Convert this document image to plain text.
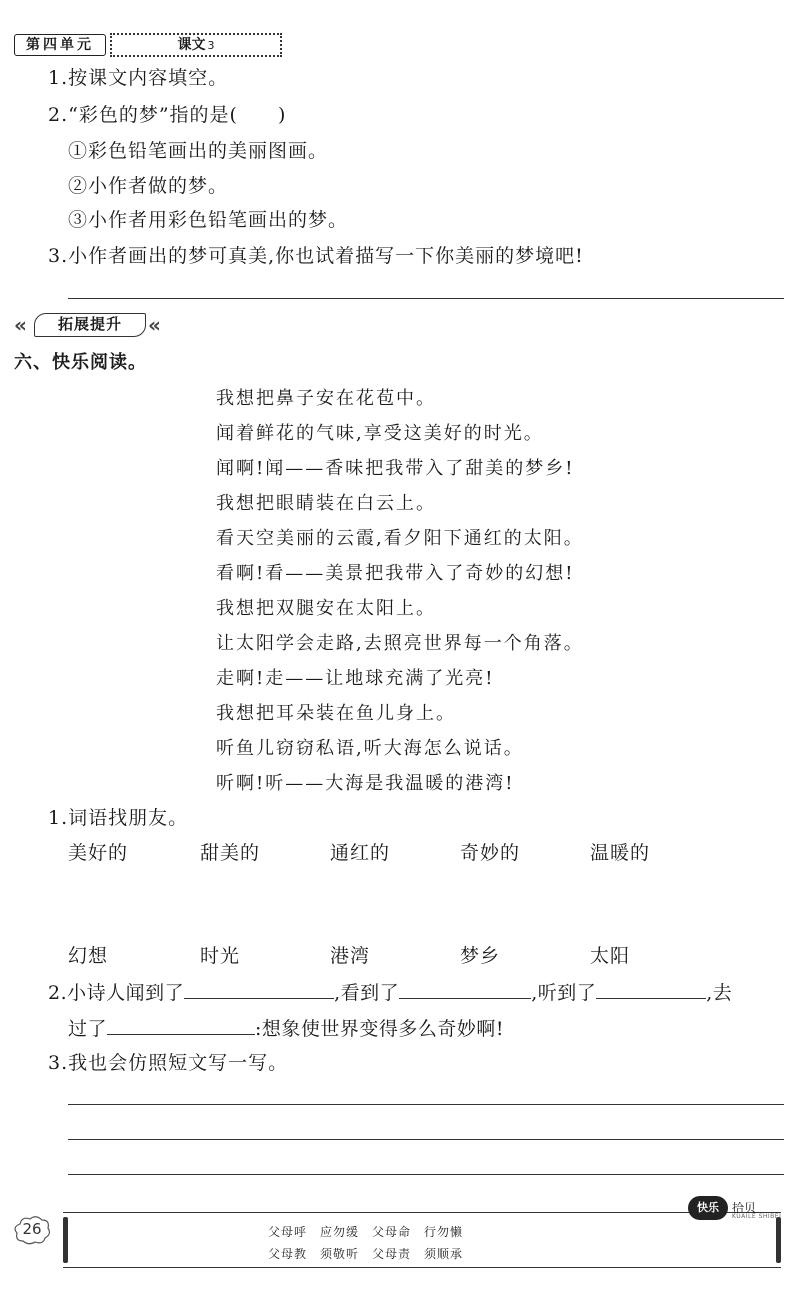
第四单元	课文 3
1.按课文内容填空。
2.“彩色的梦”指的是(　　)
①彩色铅笔画出的美丽图画。
②小作者做的梦。
③小作者用彩色铅笔画出的梦。
3.小作者画出的梦可真美,你也试着描写一下你美丽的梦境吧!
«	拓展提升	«
六、快乐阅读。
我想把鼻子安在花苞中。
闻着鲜花的气味,享受这美好的时光。
闻啊!闻——香味把我带入了甜美的梦乡!
我想把眼睛装在白云上。
看天空美丽的云霞,看夕阳下通红的太阳。
看啊!看——美景把我带入了奇妙的幻想!
我想把双腿安在太阳上。
让太阳学会走路,去照亮世界每一个角落。
走啊!走——让地球充满了光亮!
我想把耳朵装在鱼儿身上。
听鱼儿窃窃私语,听大海怎么说话。
听啊!听——大海是我温暖的港湾!
1.词语找朋友。
美好的	甜美的	通红的	奇妙的	温暖的
幻想	时光	港湾	梦乡	太阳
2.小诗人闻到了	,看到了	,听到了	,去
过了	:想象使世界变得多么奇妙啊!
3.我也会仿照短文写一写。
26	父母呼　应勿缓　父母命　行勿懒
父母教　须敬听　父母责　须顺承
快乐	拾贝
KUAILE SHIBEI
